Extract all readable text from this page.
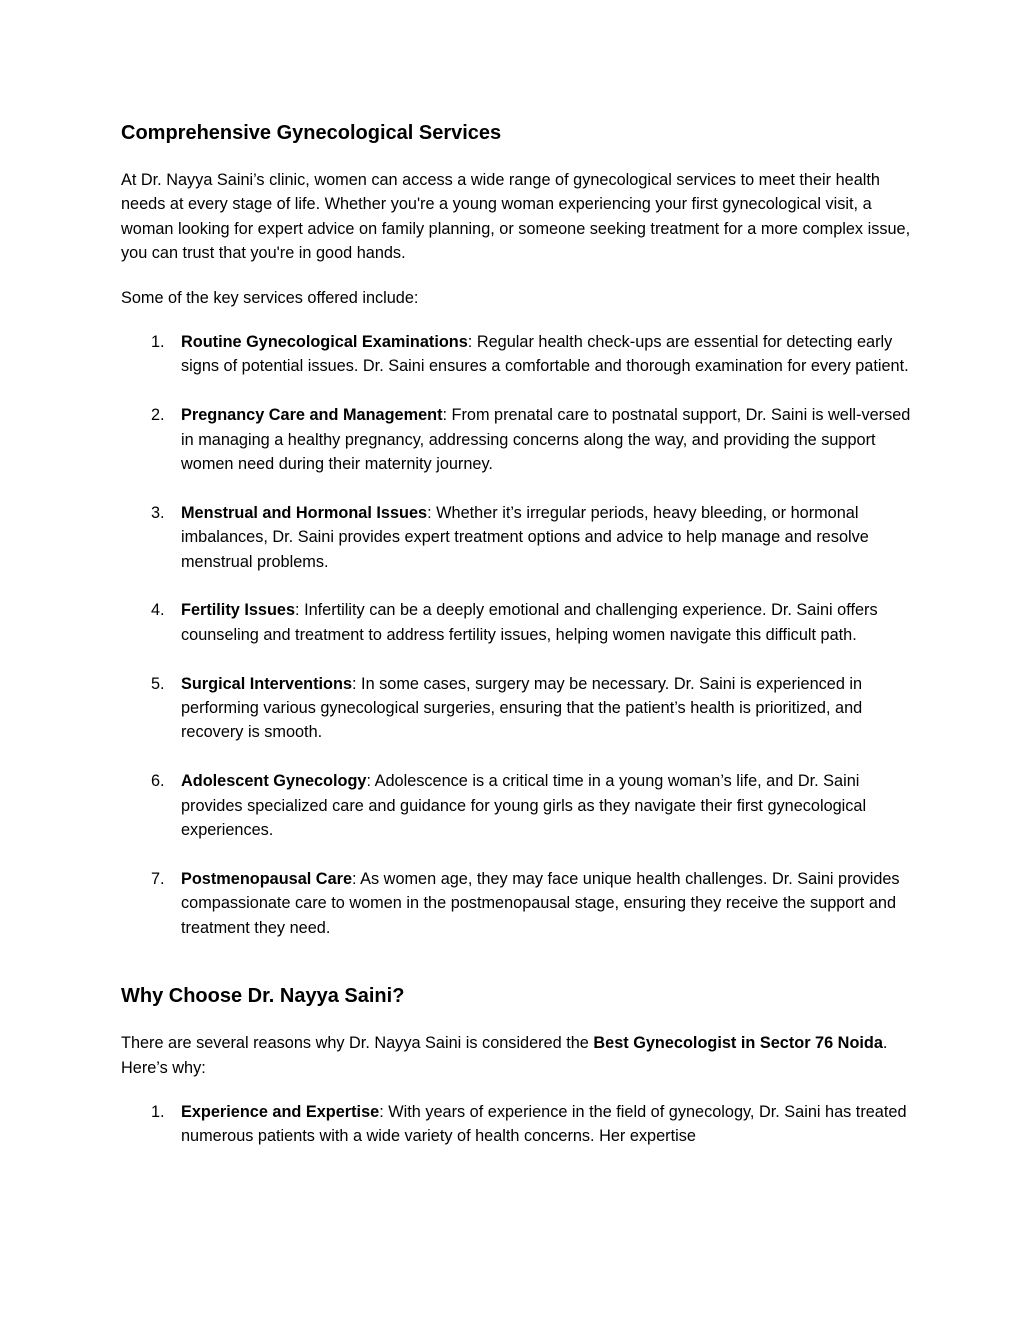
Comprehensive Gynecological Services

At Dr. Nayya Saini’s clinic, women can access a wide range of gynecological services to meet their health needs at every stage of life. Whether you're a young woman experiencing your first gynecological visit, a woman looking for expert advice on family planning, or someone seeking treatment for a more complex issue, you can trust that you're in good hands.

Some of the key services offered include:

1. Routine Gynecological Examinations: Regular health check-ups are essential for detecting early signs of potential issues. Dr. Saini ensures a comfortable and thorough examination for every patient.
2. Pregnancy Care and Management: From prenatal care to postnatal support, Dr. Saini is well-versed in managing a healthy pregnancy, addressing concerns along the way, and providing the support women need during their maternity journey.
3. Menstrual and Hormonal Issues: Whether it’s irregular periods, heavy bleeding, or hormonal imbalances, Dr. Saini provides expert treatment options and advice to help manage and resolve menstrual problems.
4. Fertility Issues: Infertility can be a deeply emotional and challenging experience. Dr. Saini offers counseling and treatment to address fertility issues, helping women navigate this difficult path.
5. Surgical Interventions: In some cases, surgery may be necessary. Dr. Saini is experienced in performing various gynecological surgeries, ensuring that the patient’s health is prioritized, and recovery is smooth.
6. Adolescent Gynecology: Adolescence is a critical time in a young woman’s life, and Dr. Saini provides specialized care and guidance for young girls as they navigate their first gynecological experiences.
7. Postmenopausal Care: As women age, they may face unique health challenges. Dr. Saini provides compassionate care to women in the postmenopausal stage, ensuring they receive the support and treatment they need.
Why Choose Dr. Nayya Saini?

There are several reasons why Dr. Nayya Saini is considered the Best Gynecologist in Sector 76 Noida. Here’s why:

1. Experience and Expertise: With years of experience in the field of gynecology, Dr. Saini has treated numerous patients with a wide variety of health concerns. Her expertise
